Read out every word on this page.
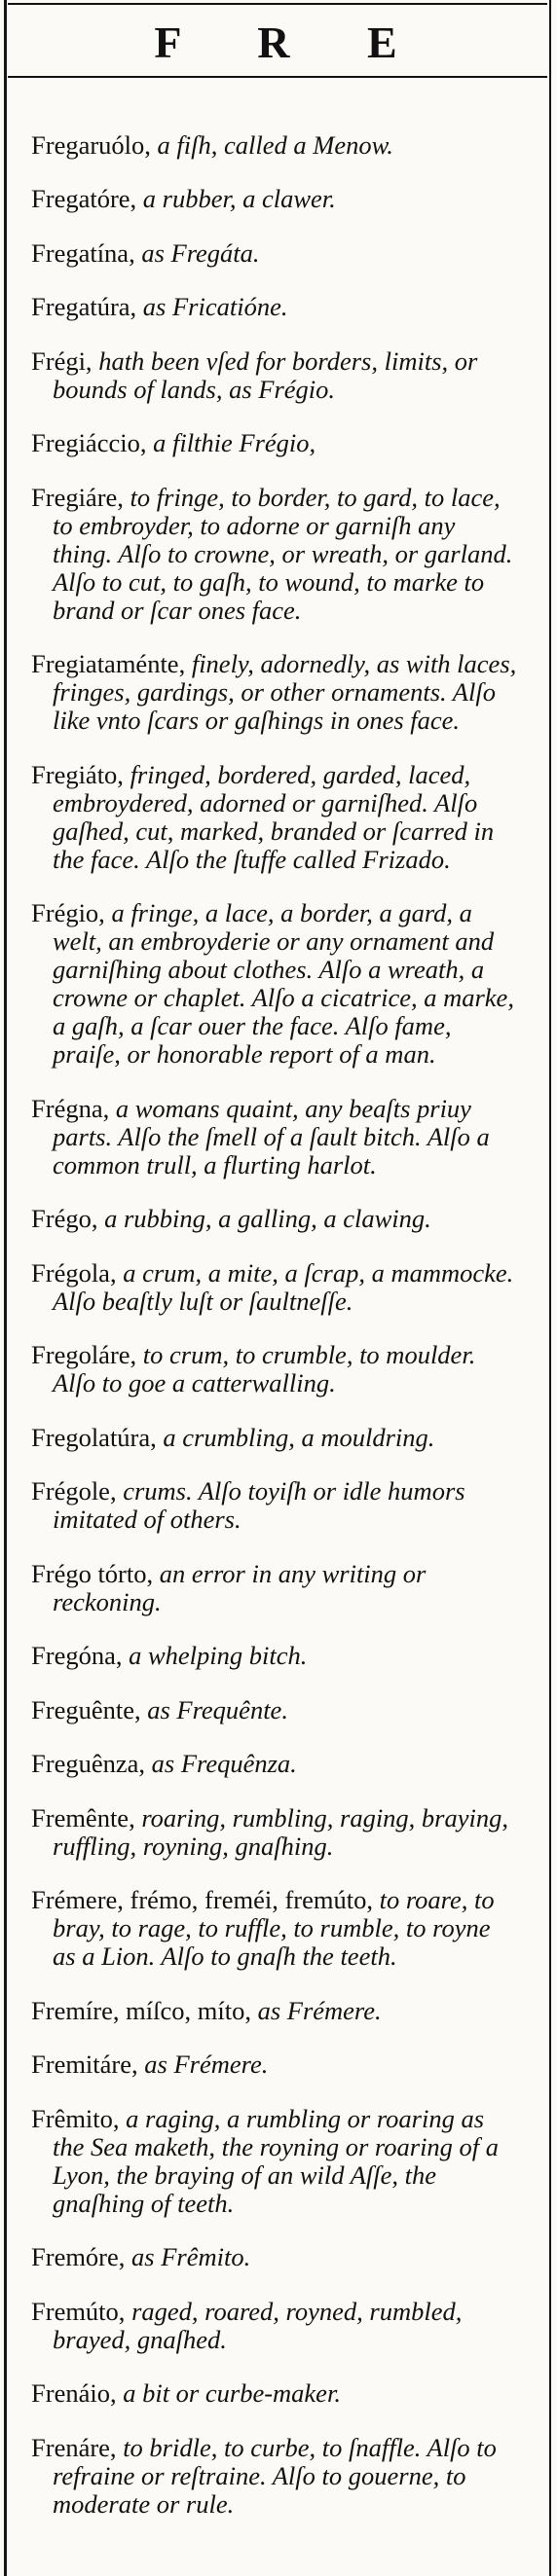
F R E

Fregaruólo, a fiſh, called a Menow.

Fregatóre, a rubber, a clawer.

Fregatína, as Fregáta.

Fregatúra, as Fricatióne.

Frégi, hath been vſed for borders, limits, or bounds of lands, as Frégio.

Fregiáccio, a filthie Frégio,

Fregiáre, to fringe, to border, to gard, to lace, to embroyder, to adorne or garniſh any thing. Alſo to crowne, or wreath, or garland. Alſo to cut, to gaſh, to wound, to marke to brand or ſcar ones face.

Fregiataménte, finely, adornedly, as with laces, fringes, gardings, or other ornaments. Alſo like vnto ſcars or gaſhings in ones face.

Fregiáto, fringed, bordered, garded, laced, embroydered, adorned or garniſhed. Alſo gaſhed, cut, marked, branded or ſcarred in the face. Alſo the ſtuffe called Frizado.

Frégio, a fringe, a lace, a border, a gard, a welt, an embroyderie or any ornament and garniſhing about clothes. Alſo a wreath, a crowne or chaplet. Alſo a cicatrice, a marke, a gaſh, a ſcar ouer the face. Alſo fame, praiſe, or honorable report of a man.

Frégna, a womans quaint, any beaſts priuy parts. Alſo the ſmell of a ſault bitch. Alſo a common trull, a flurting harlot.

Frégo, a rubbing, a galling, a clawing.

Frégola, a crum, a mite, a ſcrap, a mammocke. Alſo beaſtly luſt or ſaultneſſe.

Fregoláre, to crum, to crumble, to moulder. Alſo to goe a catterwalling.

Fregolatúra, a crumbling, a mouldring.

Frégole, crums. Alſo toyiſh or idle humors imitated of others.

Frégo tórto, an error in any writing or reckoning.

Fregóna, a whelping bitch.

Freguênte, as Frequênte.

Freguênza, as Frequênza.

Fremênte, roaring, rumbling, raging, braying, ruffling, royning, gnaſhing.

Frémere, frémo, freméi, fremúto, to roare, to bray, to rage, to ruffle, to rumble, to royne as a Lion. Alſo to gnaſh the teeth.

Fremíre, míſco, míto, as Frémere.

Fremitáre, as Frémere.

Frêmito, a raging, a rumbling or roaring as the Sea maketh, the royning or roaring of a Lyon, the braying of an wild Aſſe, the gnaſhing of teeth.

Fremóre, as Frêmito.

Fremúto, raged, roared, royned, rumbled, brayed, gnaſhed.

Frenáio, a bit or curbe-maker.

Frenáre, to bridle, to curbe, to ſnaffle. Alſo to refraine or reſtraine. Alſo to gouerne, to moderate or rule.
